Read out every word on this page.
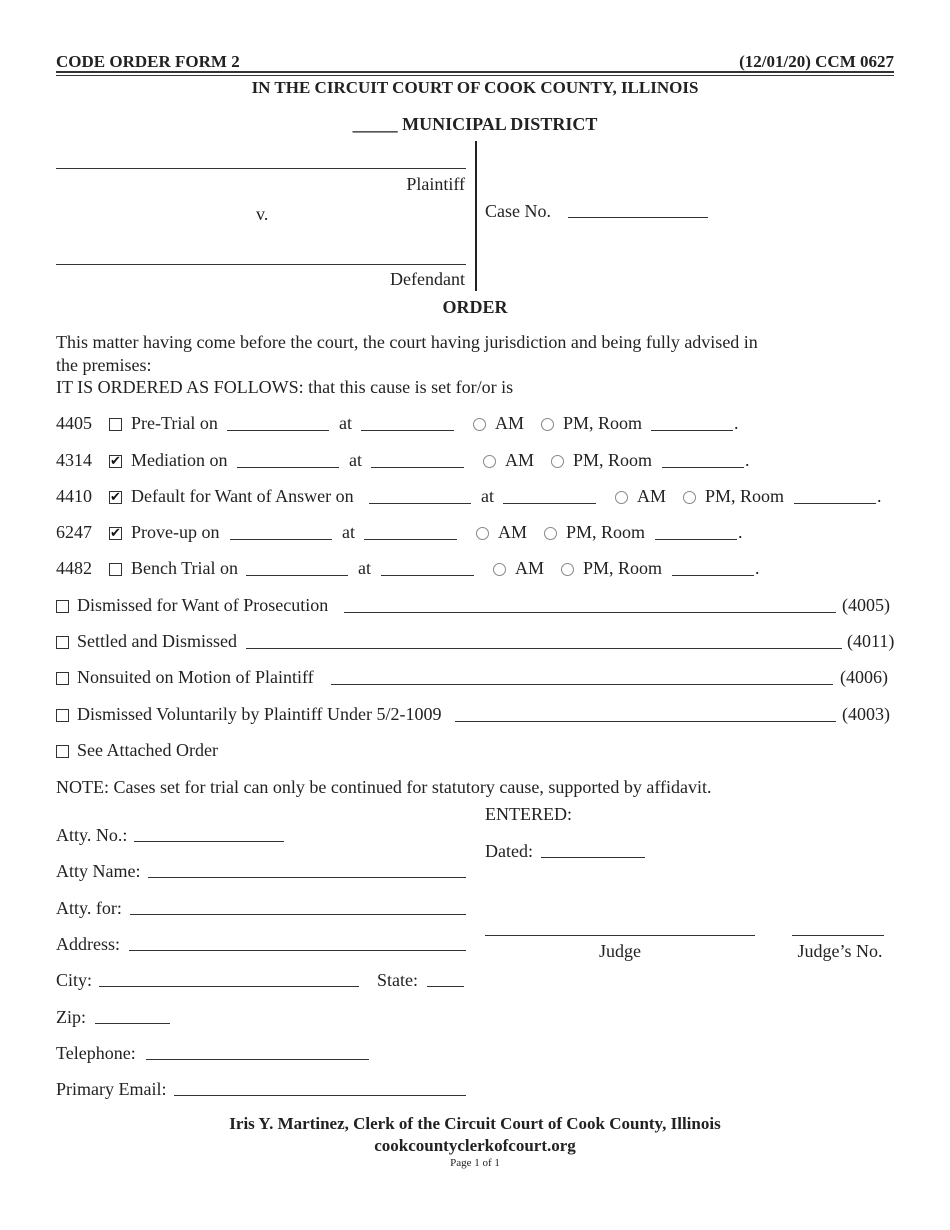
CODE ORDER FORM 2	(12/01/20) CCM 0627
IN THE CIRCUIT COURT OF COOK COUNTY, ILLINOIS
_____ MUNICIPAL DISTRICT
Plaintiff
v.
Defendant
Case No.
ORDER
This matter having come before the court, the court having jurisdiction and being fully advised in
the premises:
IT IS ORDERED AS FOLLOWS: that this cause is set for/or is
4405 Pre-Trial on	at	AM PM, Room	.
4314 ✔ Mediation on	at	AM PM, Room	.
4410 ✔ Default for Want of Answer on	at	AM PM, Room	.
6247 ✔ Prove-up on	at	AM PM, Room	.
4482 Bench Trial on	at	AM PM, Room	.
Dismissed for Want of Prosecution	(4005)
Settled and Dismissed	(4011)
Nonsuited on Motion of Plaintiff	(4006)
Dismissed Voluntarily by Plaintiff Under 5/2-1009	(4003)
See Attached Order
NOTE: Cases set for trial can only be continued for statutory cause, supported by affidavit.
Atty. No.:
Atty Name:
Atty. for:
Address:
City:	State:
Zip:
Telephone:
Primary Email:
ENTERED:
Dated:
Judge	Judge’s No.
Iris Y. Martinez, Clerk of the Circuit Court of Cook County, Illinois
cookcountyclerkofcourt.org
Page 1 of 1
